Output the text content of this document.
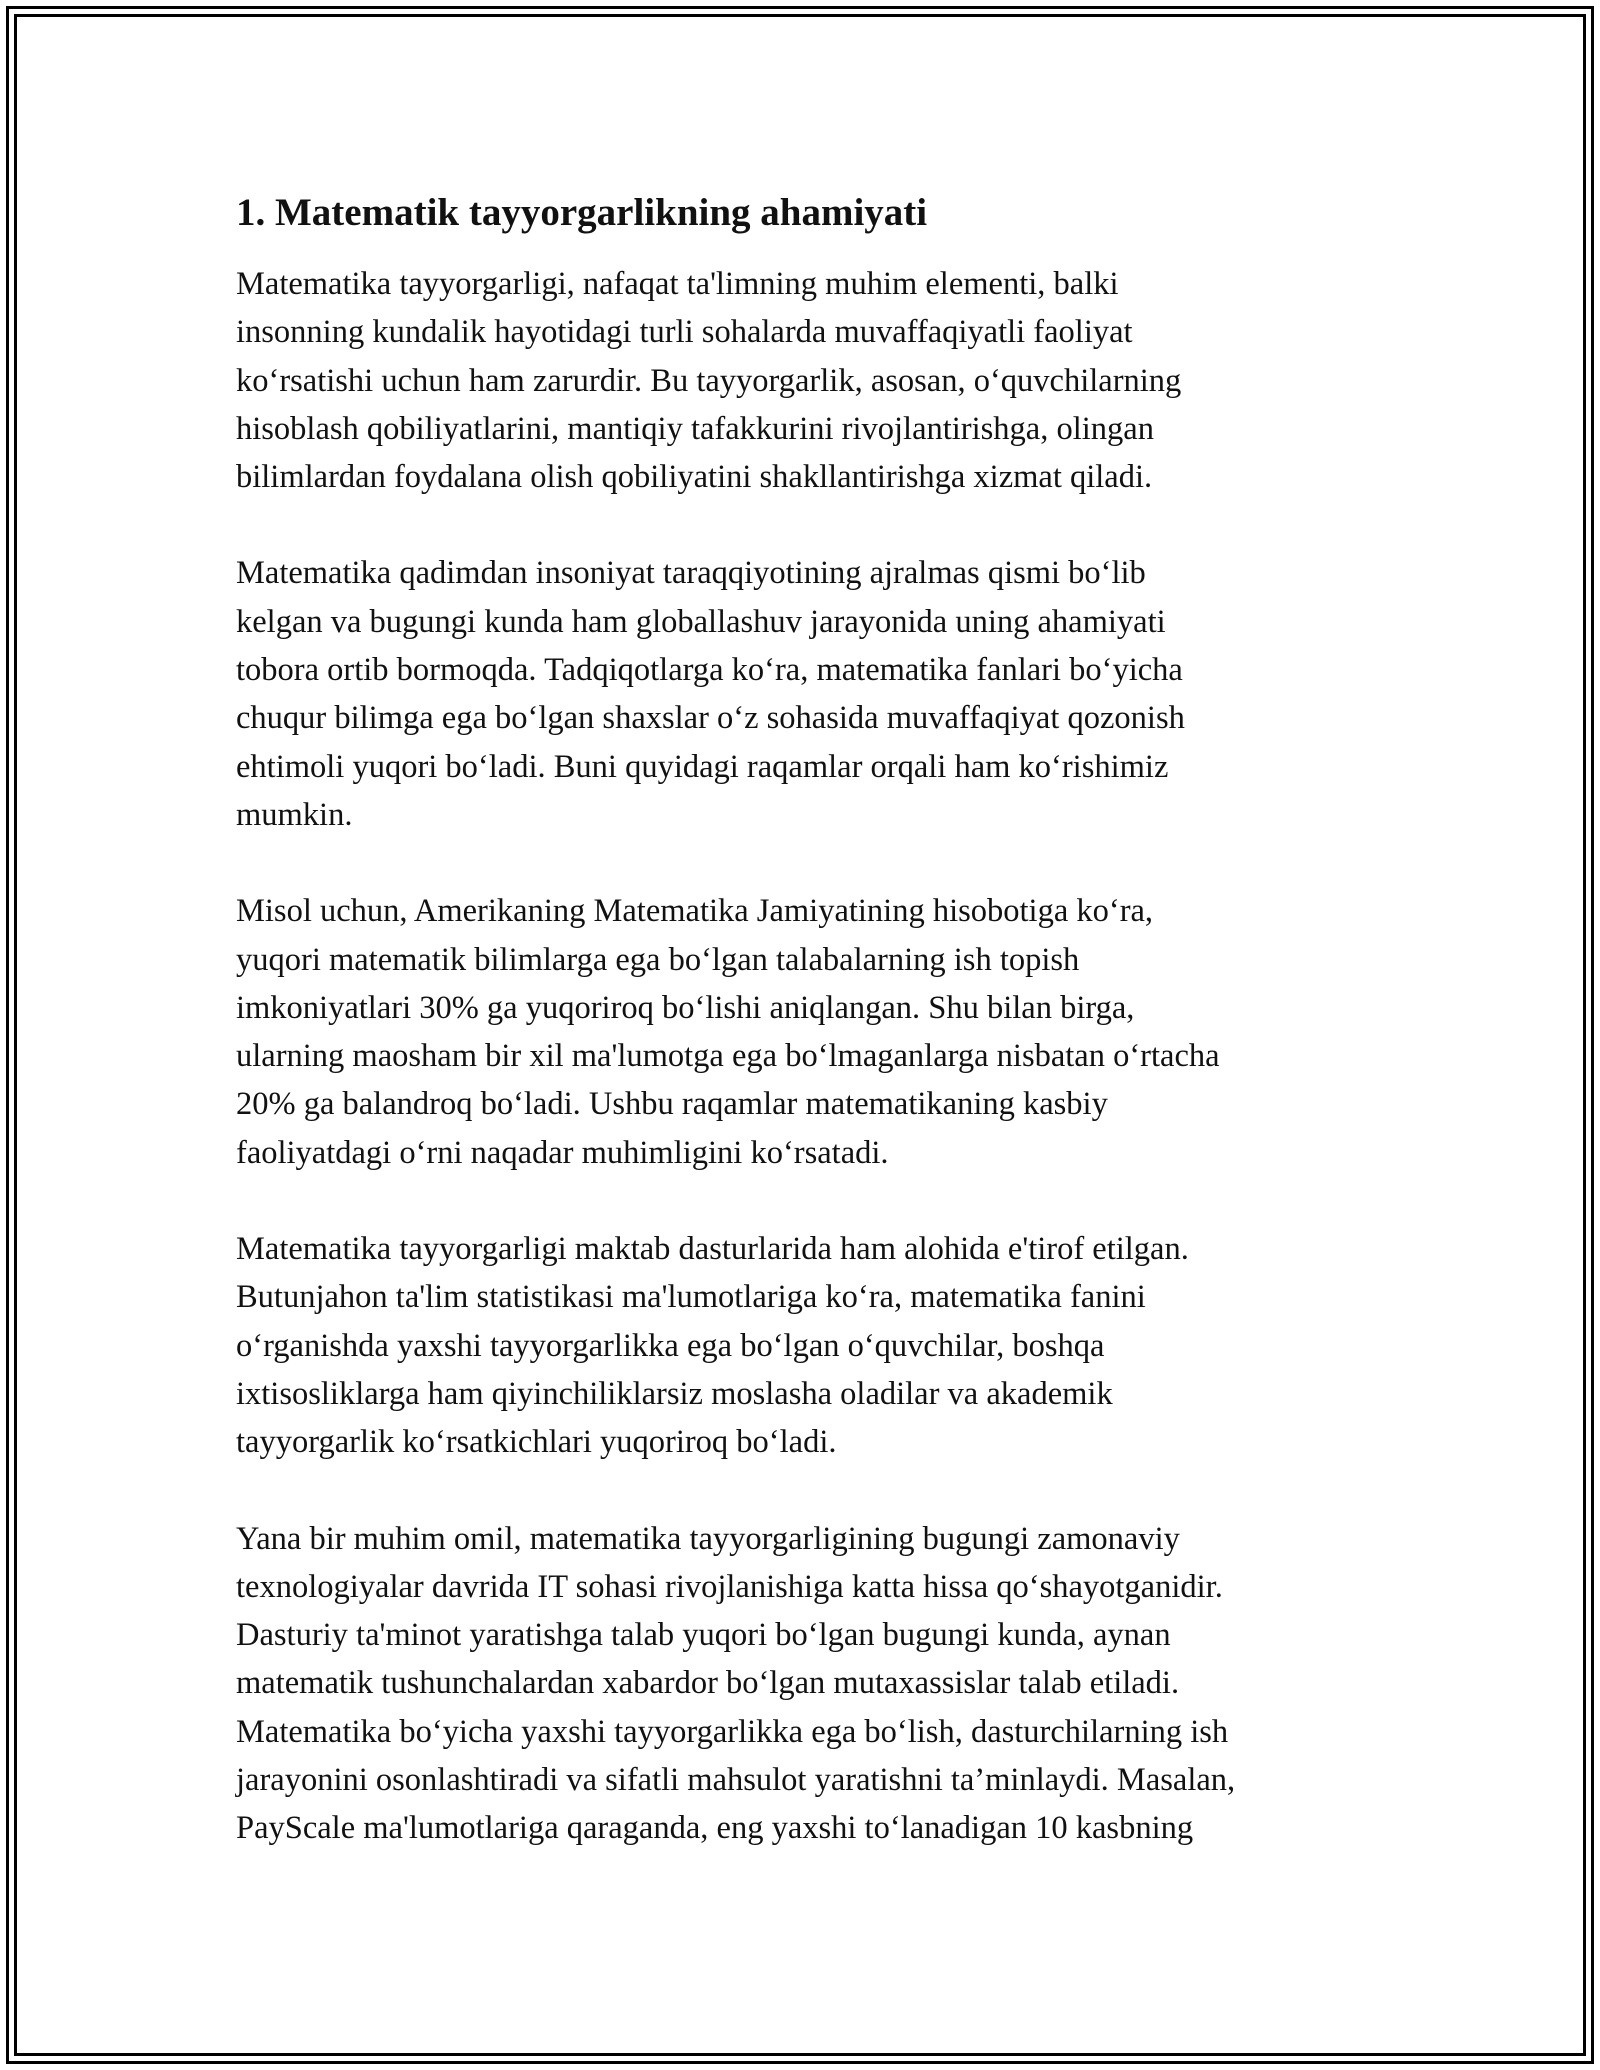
1. Matematik tayyorgarlikning ahamiyati
Matematika tayyorgarligi, nafaqat ta'limning muhim elementi, balki
insonning kundalik hayotidagi turli sohalarda muvaffaqiyatli faoliyat
koʻrsatishi uchun ham zarurdir. Bu tayyorgarlik, asosan, oʻquvchilarning
hisoblash qobiliyatlarini, mantiqiy tafakkurini rivojlantirishga, olingan
bilimlardan foydalana olish qobiliyatini shakllantirishga xizmat qiladi.
Matematika qadimdan insoniyat taraqqiyotining ajralmas qismi boʻlib
kelgan va bugungi kunda ham globallashuv jarayonida uning ahamiyati
tobora ortib bormoqda. Tadqiqotlarga koʻra, matematika fanlari boʻyicha
chuqur bilimga ega boʻlgan shaxslar oʻz sohasida muvaffaqiyat qozonish
ehtimoli yuqori boʻladi. Buni quyidagi raqamlar orqali ham koʻrishimiz
mumkin.
Misol uchun, Amerikaning Matematika Jamiyatining hisobotiga koʻra,
yuqori matematik bilimlarga ega boʻlgan talabalarning ish topish
imkoniyatlari 30% ga yuqoriroq boʻlishi aniqlangan. Shu bilan birga,
ularning maosham bir xil ma'lumotga ega boʻlmaganlarga nisbatan oʻrtacha
20% ga balandroq boʻladi. Ushbu raqamlar matematikaning kasbiy
faoliyatdagi oʻrni naqadar muhimligini koʻrsatadi.
Matematika tayyorgarligi maktab dasturlarida ham alohida e'tirof etilgan.
Butunjahon ta'lim statistikasi ma'lumotlariga koʻra, matematika fanini
oʻrganishda yaxshi tayyorgarlikka ega boʻlgan oʻquvchilar, boshqa
ixtisosliklarga ham qiyinchiliklarsiz moslasha oladilar va akademik
tayyorgarlik koʻrsatkichlari yuqoriroq boʻladi.
Yana bir muhim omil, matematika tayyorgarligining bugungi zamonaviy
texnologiyalar davrida IT sohasi rivojlanishiga katta hissa qoʻshayotganidir.
Dasturiy ta'minot yaratishga talab yuqori boʻlgan bugungi kunda, aynan
matematik tushunchalardan xabardor boʻlgan mutaxassislar talab etiladi.
Matematika boʻyicha yaxshi tayyorgarlikka ega boʻlish, dasturchilarning ish
jarayonini osonlashtiradi va sifatli mahsulot yaratishni ta’minlaydi. Masalan,
PayScale ma'lumotlariga qaraganda, eng yaxshi toʻlanadigan 10 kasbning
